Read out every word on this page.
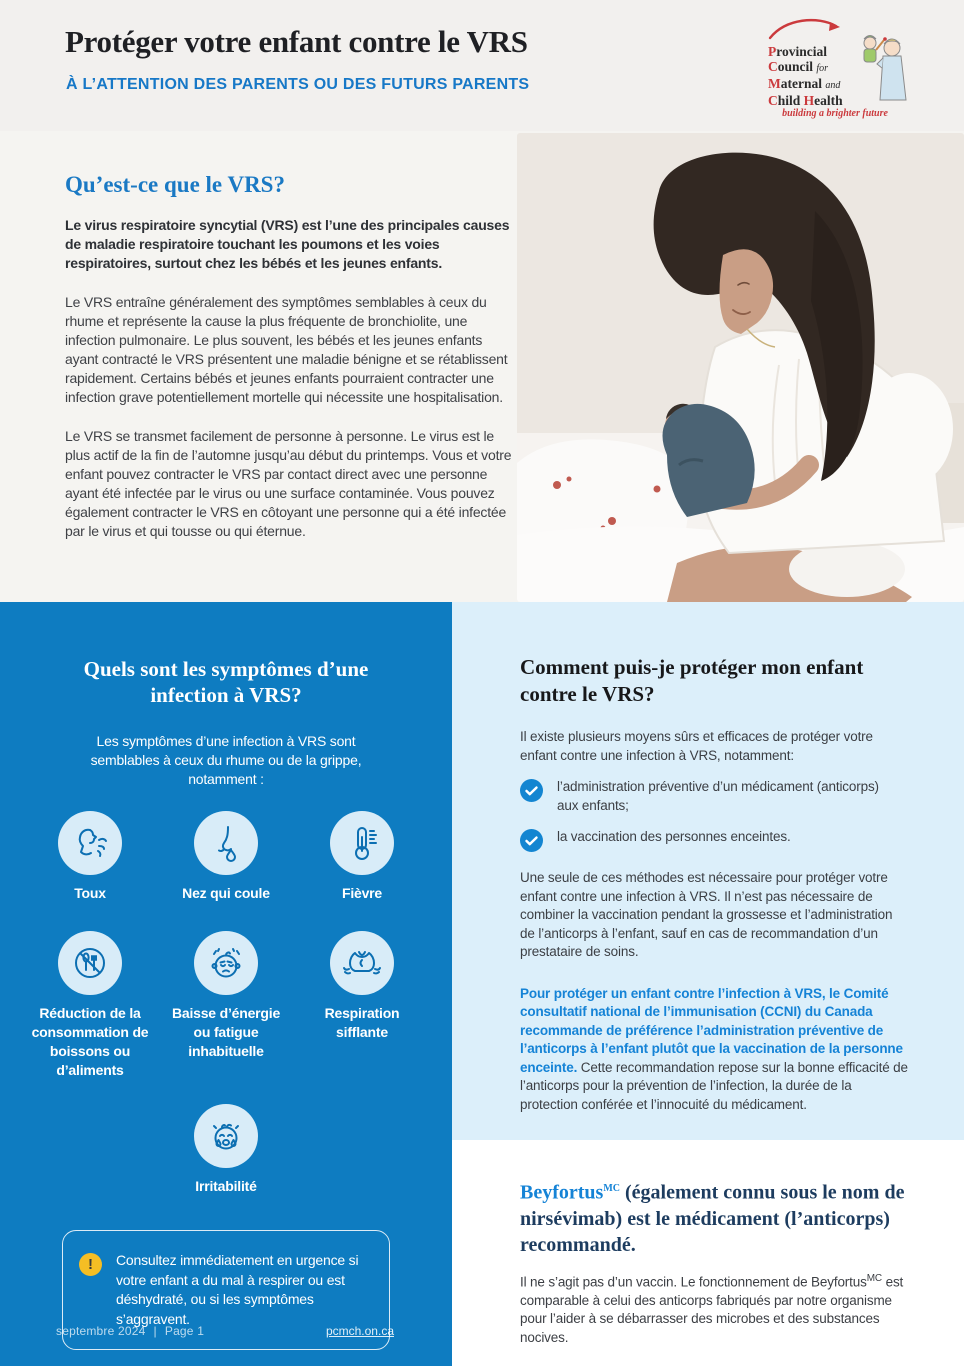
Protéger votre enfant contre le VRS
À L’ATTENTION DES PARENTS OU DES FUTURS PARENTS
Provincial
Council for
Maternal and
Child Health
building a brighter future
Qu’est-ce que le VRS?

Le virus respiratoire syncytial (VRS) est l’une des principales causes de maladie respiratoire touchant les poumons et les voies respiratoires, surtout chez les bébés et les jeunes enfants.

Le VRS entraîne généralement des symptômes semblables à ceux du rhume et représente la cause la plus fréquente de bronchiolite, une infection pulmonaire. Le plus souvent, les bébés et les jeunes enfants ayant contracté le VRS présentent une maladie bénigne et se rétablissent rapidement. Certains bébés et jeunes enfants pourraient contracter une infection grave potentiellement mortelle qui nécessite une hospitalisation.

Le VRS se transmet facilement de personne à personne. Le virus est le plus actif de la fin de l’automne jusqu’au début du printemps. Vous et votre enfant pouvez contracter le VRS par contact direct avec une personne ayant été infectée par le virus ou une surface contaminée. Vous pouvez également contracter le VRS en côtoyant une personne qui a été infectée par le virus et qui tousse ou qui éternue.

Quels sont les symptômes d’une infection à VRS?
Les symptômes d’une infection à VRS sont semblables à ceux du rhume ou de la grippe, notamment :
Toux	Nez qui coule	Fièvre
Réduction de la consommation de boissons ou d’aliments
Baisse d’énergie ou fatigue inhabituelle
Respiration sifflante
Irritabilité
!	Consultez immédiatement en urgence si votre enfant a du mal à respirer ou est déshydraté, ou si les symptômes s’aggravent.
septembre 2024 | Page 1	pcmch.on.ca
Comment puis-je protéger mon enfant contre le VRS?

Il existe plusieurs moyens sûrs et efficaces de protéger votre enfant contre une infection à VRS, notamment:

l’administration préventive d’un médicament (anticorps) aux enfants;
la vaccination des personnes enceintes.

Une seule de ces méthodes est nécessaire pour protéger votre enfant contre une infection à VRS. Il n’est pas nécessaire de combiner la vaccination pendant la grossesse et l’administration de l’anticorps à l’enfant, sauf en cas de recommandation d’un prestataire de soins.

Pour protéger un enfant contre l’infection à VRS, le Comité consultatif national de l’immunisation (CCNI) du Canada recommande de préférence l’administration préventive de l’anticorps à l’enfant plutôt que la vaccination de la personne enceinte. Cette recommandation repose sur la bonne efficacité de l’anticorps pour la prévention de l’infection, la durée de la protection conférée et l’innocuité du médicament.

Beyfortus$^{MC}$ (également connu sous le nom de nirsévimab) est le médicament (l’anticorps) recommandé.

Il ne s’agit pas d’un vaccin. Le fonctionnement de Beyfortus$^{MC}$ est comparable à celui des anticorps fabriqués par notre organisme pour l’aider à se débarrasser des microbes et des substances nocives.
